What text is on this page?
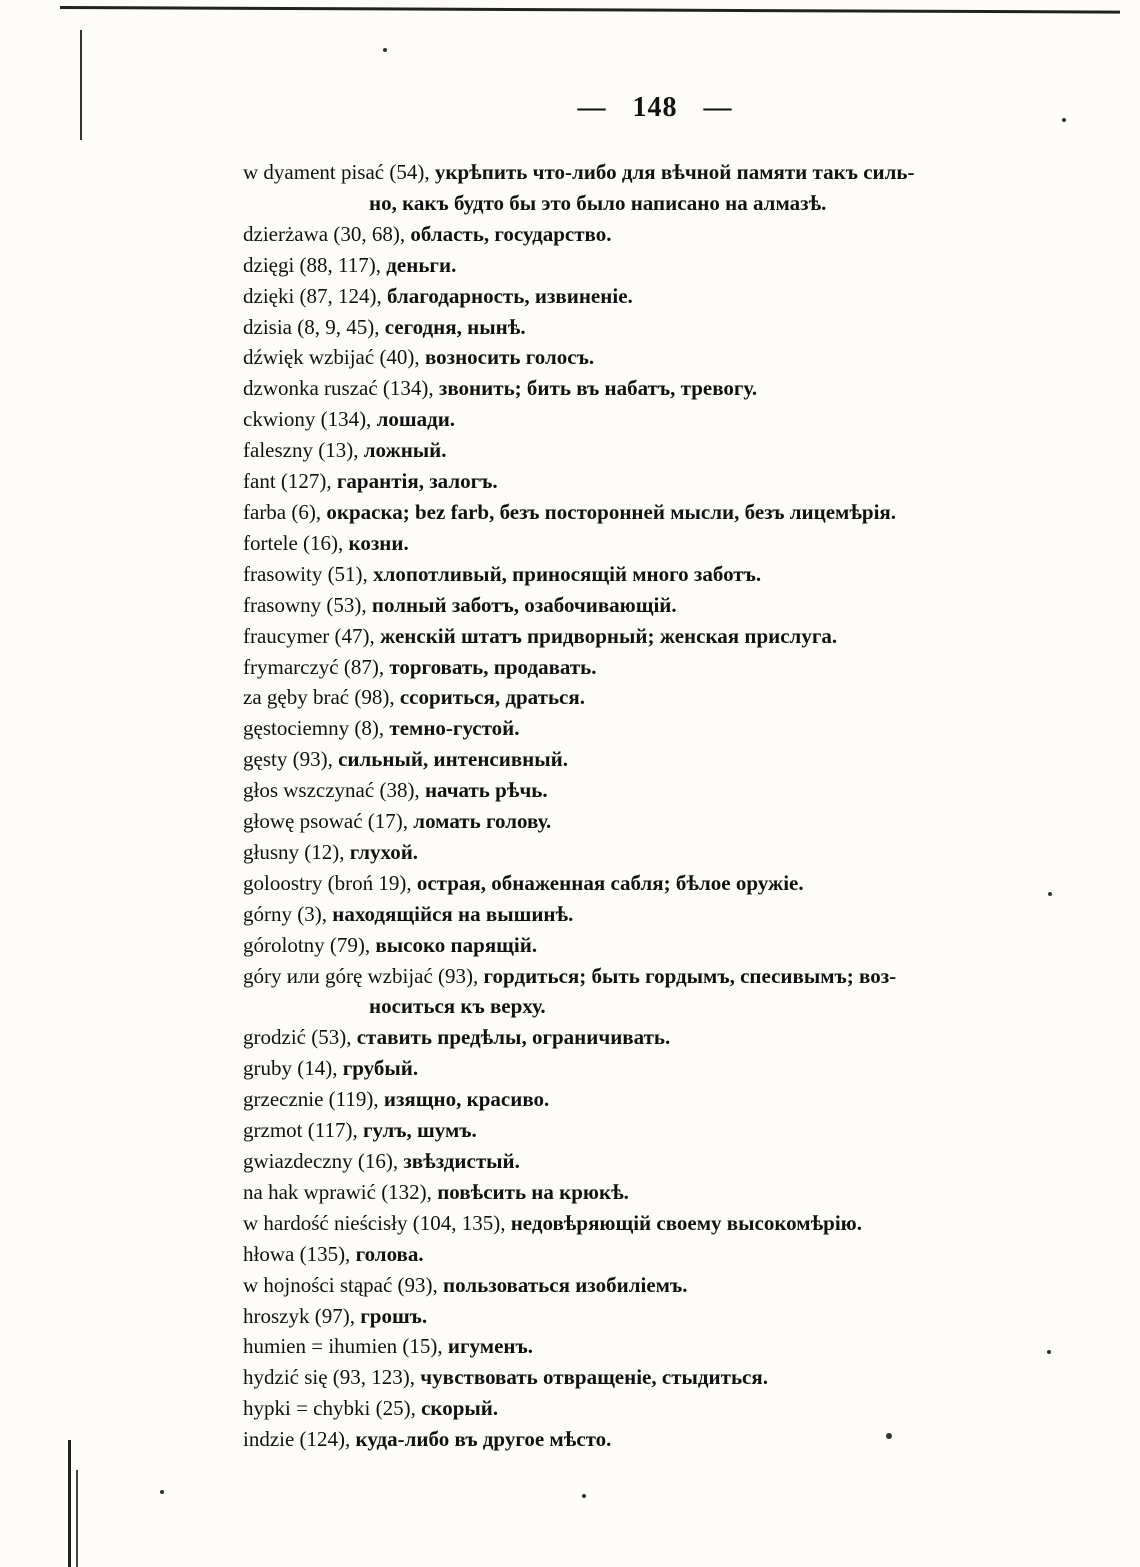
— 148 —
w dyament pisać (54), укрѣпить что-либо для вѣчной памяти такъ силь-
но, какъ будто бы это было написано на алмазѣ.
dzierżawa (30, 68), область, государство.
dzięgi (88, 117), деньги.
dzięki (87, 124), благодарность, извиненіе.
dzisia (8, 9, 45), сегодня, нынѣ.
dźwięk wzbijać (40), возносить голосъ.
dzwonka ruszać (134), звонить; бить въ набатъ, тревогу.
ckwiony (134), лошади.
faleszny (13), ложный.
fant (127), гарантія, залогъ.
farba (6), окраска; bez farb, безъ посторонней мысли, безъ лицемѣрія.
fortele (16), козни.
frasowity (51), хлопотливый, приносящій много заботъ.
frasowny (53), полный заботъ, озабочивающій.
fraucymer (47), женскій штатъ придворный; женская прислуга.
frymarczyć (87), торговать, продавать.
za gęby brać (98), ссориться, драться.
gęstociemny (8), темно-густой.
gęsty (93), сильный, интенсивный.
głos wszczynać (38), начать рѣчь.
głowę psować (17), ломать голову.
głusny (12), глухой.
goloostry (broń 19), острая, обнаженная сабля; бѣлое оружіе.
górny (3), находящійся на вышинѣ.
górolotny (79), высоко парящій.
góry или górę wzbijać (93), гордиться; быть гордымъ, спесивымъ; воз-
носиться къ верху.
grodzić (53), ставить предѣлы, ограничивать.
gruby (14), грубый.
grzecznie (119), изящно, красиво.
grzmot (117), гулъ, шумъ.
gwiazdeczny (16), звѣздистый.
na hak wprawić (132), повѣсить на крюкѣ.
w hardość nieścisły (104, 135), недовѣряющій своему высокомѣрію.
hłowa (135), голова.
w hojności stąpać (93), пользоваться изобиліемъ.
hroszyk (97), грошъ.
humien = ihumien (15), игуменъ.
hydzić się (93, 123), чувствовать отвращеніе, стыдиться.
hypki = chybki (25), скорый.
indzie (124), куда-либо въ другое мѣсто.
